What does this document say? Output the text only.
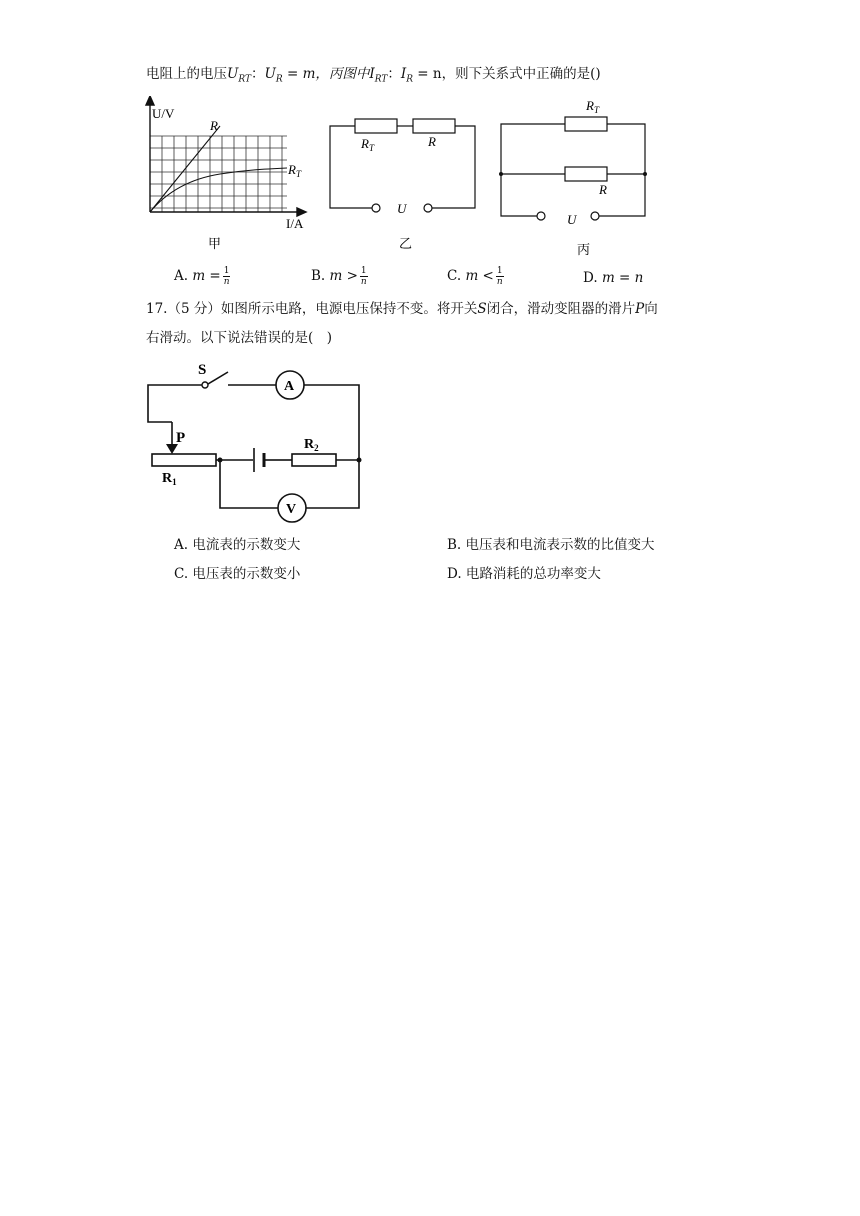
电阻上的电压$U_{RT}$：$U_R = m$，丙图中$I_{RT}$：$I_R = n$，则下关系式中正确的是()
U/V
R
$R_T$
I/A
甲
$R_T$	R
U
乙
$R_T$
R
U
丙
A. $m = \frac{1}{n}$	B. $m > \frac{1}{n}$	C. $m < \frac{1}{n}$	D. m = n
17.（5 分）如图所示电路，电源电压保持不变。将开关S闭合，滑动变阻器的滑片P向
右滑动。以下说法错误的是(　)
S
A
P
$R_1$
$R_2$
V
A. 电流表的示数变大	B. 电压表和电流表示数的比值变大
C. 电压表的示数变小	D. 电路消耗的总功率变大
